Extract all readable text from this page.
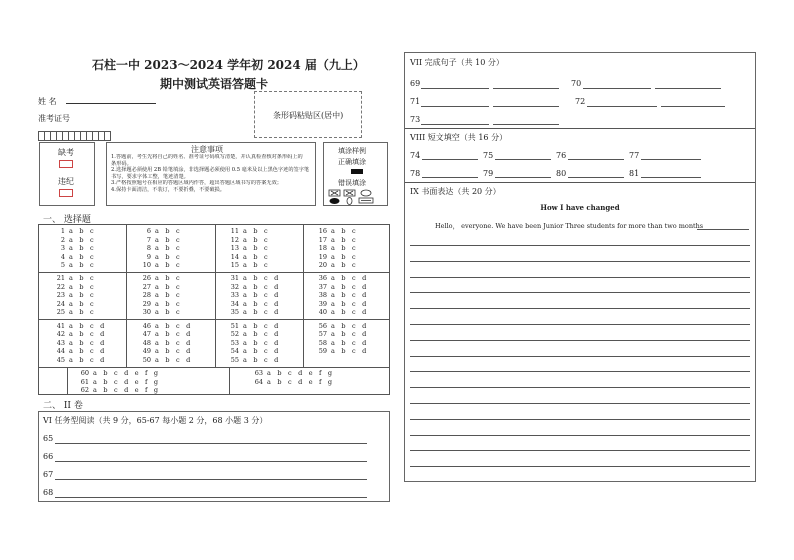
石柱一中 2023～2024 学年初 2024 届（九上）
期中测试英语答题卡
姓 名
准考证号	条形码粘贴区(居中)
缺考
违纪
注意事项
1.答题前，考生先将自己的姓名、准考证号码填写清楚，并认真检查核对条形码上的
条形码。
2.选择题必须使用 2B 铅笔填涂，非选择题必须使用 0.5 毫米及以上黑色字迹的签字笔书写，要求字体工整，笔迹清楚。
3.严格按照题号在相应的答题区域内作答，超出答题区域书写的答案无效；
4.保持卡面清洁，不装订，不要折叠，不要破损。
填涂样例
正确填涂
错误填涂
一、 选择题
1 a b c
2 a b c
3 a b c
4 a b c
5 a b c
21 a b c
22 a b c
23 a b c
24 a b c
25 a b c
41 a b c d
42 a b c d
43 a b c d
44 a b c d
45 a b c d
6 a b c
7 a b c
8 a b c
9 a b c
10 a b c
26 a b c
27 a b c
28 a b c
29 a b c
30 a b c
46 a b c d
47 a b c d
48 a b c d
49 a b c d
50 a b c d
11 a b c
12 a b c
13 a b c
14 a b c
15 a b c
31 a b c d
32 a b c d
33 a b c d
34 a b c d
35 a b c d
51 a b c d
52 a b c d
53 a b c d
54 a b c d
55 a b c d
16 a b c
17 a b c
18 a b c
19 a b c
20 a b c
36 a b c d
37 a b c d
38 a b c d
39 a b c d
40 a b c d
56 a b c d
57 a b c d
58 a b c d
59 a b c d
60 a b c d e f g
61 a b c d e f g
62 a b c d e f g
63 a b c d e f g
64 a b c d e f g
二、 II 卷
VI 任务型阅读（共 9 分，65-67 每小题 2 分，68 小题 3 分）
65
66
67
68
VII 完成句子（共 10 分）
69	70
71	72
73
VIII 短文填空（共 16 分）
74	75	76	77
78	79	80	81
IX 书面表达（共 20 分）
How I have changed
Hello， everyone. We have been Junior Three students for more than two months
